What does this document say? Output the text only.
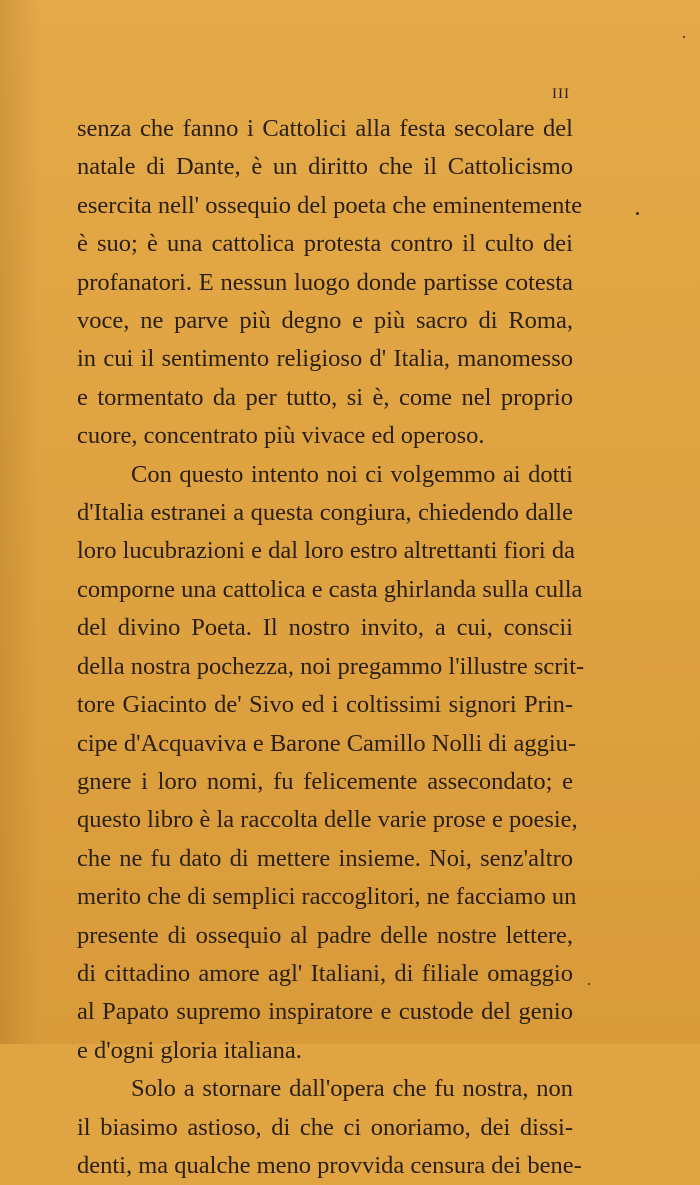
III
senza che fanno i Cattolici alla festa secolare del
natale di Dante, è un diritto che il Cattolicismo
esercita nell' ossequio del poeta che eminentemente
è suo; è una cattolica protesta contro il culto dei
profanatori. E nessun luogo donde partisse cotesta
voce, ne parve più degno e più sacro di Roma,
in cui il sentimento religioso d' Italia, manomesso
e tormentato da per tutto, si è, come nel proprio
cuore, concentrato più vivace ed operoso.
Con questo intento noi ci volgemmo ai dotti
d'Italia estranei a questa congiura, chiedendo dalle
loro lucubrazioni e dal loro estro altrettanti fiori da
comporne una cattolica e casta ghirlanda sulla culla
del divino Poeta. Il nostro invito, a cui, conscii
della nostra pochezza, noi pregammo l'illustre scrit-
tore Giacinto de' Sivo ed i coltissimi signori Prin-
cipe d'Acquaviva e Barone Camillo Nolli di aggiu-
gnere i loro nomi, fu felicemente assecondato; e
questo libro è la raccolta delle varie prose e poesie,
che ne fu dato di mettere insieme. Noi, senz'altro
merito che di semplici raccoglitori, ne facciamo un
presente di ossequio al padre delle nostre lettere,
di cittadino amore agl' Italiani, di filiale omaggio
al Papato supremo inspiratore e custode del genio
e d'ogni gloria italiana.
Solo a stornare dall'opera che fu nostra, non
il biasimo astioso, di che ci onoriamo, dei dissi-
denti, ma qualche meno provvida censura dei bene-
